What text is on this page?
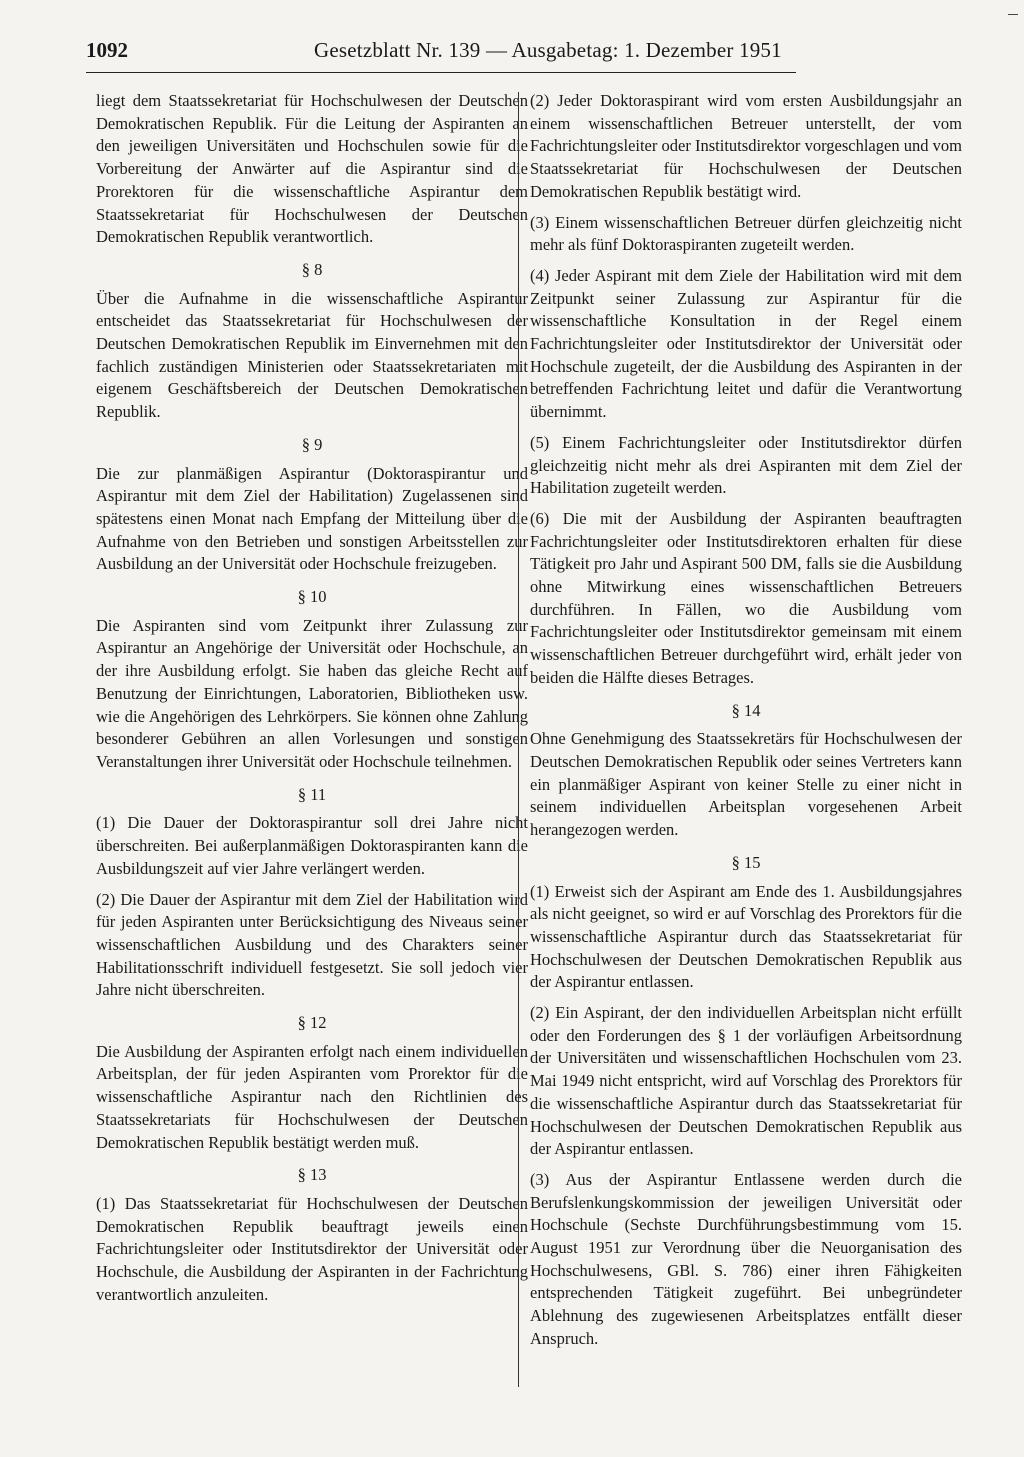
1092	Gesetzblatt Nr. 139 — Ausgabetag: 1. Dezember 1951

liegt dem Staatssekretariat für Hochschulwesen der Deutschen Demokratischen Republik. Für die Leitung der Aspiranten an den jeweiligen Universitäten und Hochschulen sowie für die Vorbereitung der Anwärter auf die Aspirantur sind die Prorektoren für die wissenschaftliche Aspirantur dem Staatssekretariat für Hochschulwesen der Deutschen Demokratischen Republik verantwortlich.

§ 8

Über die Aufnahme in die wissenschaftliche Aspirantur entscheidet das Staatssekretariat für Hochschulwesen der Deutschen Demokratischen Republik im Einvernehmen mit den fachlich zuständigen Ministerien oder Staatssekretariaten mit eigenem Geschäftsbereich der Deutschen Demokratischen Republik.

§ 9

Die zur planmäßigen Aspirantur (Doktoraspirantur und Aspirantur mit dem Ziel der Habilitation) Zugelassenen sind spätestens einen Monat nach Empfang der Mitteilung über die Aufnahme von den Betrieben und sonstigen Arbeitsstellen zur Ausbildung an der Universität oder Hochschule freizugeben.

§ 10

Die Aspiranten sind vom Zeitpunkt ihrer Zulassung zur Aspirantur an Angehörige der Universität oder Hochschule, an der ihre Ausbildung erfolgt. Sie haben das gleiche Recht auf Benutzung der Einrichtungen, Laboratorien, Bibliotheken usw. wie die Angehörigen des Lehrkörpers. Sie können ohne Zahlung besonderer Gebühren an allen Vorlesungen und sonstigen Veranstaltungen ihrer Universität oder Hochschule teilnehmen.

§ 11

(1) Die Dauer der Doktoraspirantur soll drei Jahre nicht überschreiten. Bei außerplanmäßigen Doktoraspiranten kann die Ausbildungszeit auf vier Jahre verlängert werden.

(2) Die Dauer der Aspirantur mit dem Ziel der Habilitation wird für jeden Aspiranten unter Berücksichtigung des Niveaus seiner wissenschaftlichen Ausbildung und des Charakters seiner Habilitationsschrift individuell festgesetzt. Sie soll jedoch vier Jahre nicht überschreiten.

§ 12

Die Ausbildung der Aspiranten erfolgt nach einem individuellen Arbeitsplan, der für jeden Aspiranten vom Prorektor für die wissenschaftliche Aspirantur nach den Richtlinien des Staatssekretariats für Hochschulwesen der Deutschen Demokratischen Republik bestätigt werden muß.

§ 13

(1) Das Staatssekretariat für Hochschulwesen der Deutschen Demokratischen Republik beauftragt jeweils einen Fachrichtungsleiter oder Institutsdirektor der Universität oder Hochschule, die Ausbildung der Aspiranten in der Fachrichtung verantwortlich anzuleiten.

(2) Jeder Doktoraspirant wird vom ersten Ausbildungsjahr an einem wissenschaftlichen Betreuer unterstellt, der vom Fachrichtungsleiter oder Institutsdirektor vorgeschlagen und vom Staatssekretariat für Hochschulwesen der Deutschen Demokratischen Republik bestätigt wird.

(3) Einem wissenschaftlichen Betreuer dürfen gleichzeitig nicht mehr als fünf Doktoraspiranten zugeteilt werden.

(4) Jeder Aspirant mit dem Ziele der Habilitation wird mit dem Zeitpunkt seiner Zulassung zur Aspirantur für die wissenschaftliche Konsultation in der Regel einem Fachrichtungsleiter oder Institutsdirektor der Universität oder Hochschule zugeteilt, der die Ausbildung des Aspiranten in der betreffenden Fachrichtung leitet und dafür die Verantwortung übernimmt.

(5) Einem Fachrichtungsleiter oder Institutsdirektor dürfen gleichzeitig nicht mehr als drei Aspiranten mit dem Ziel der Habilitation zugeteilt werden.

(6) Die mit der Ausbildung der Aspiranten beauftragten Fachrichtungsleiter oder Institutsdirektoren erhalten für diese Tätigkeit pro Jahr und Aspirant 500 DM, falls sie die Ausbildung ohne Mitwirkung eines wissenschaftlichen Betreuers durchführen. In Fällen, wo die Ausbildung vom Fachrichtungsleiter oder Institutsdirektor gemeinsam mit einem wissenschaftlichen Betreuer durchgeführt wird, erhält jeder von beiden die Hälfte dieses Betrages.

§ 14

Ohne Genehmigung des Staatssekretärs für Hochschulwesen der Deutschen Demokratischen Republik oder seines Vertreters kann ein planmäßiger Aspirant von keiner Stelle zu einer nicht in seinem individuellen Arbeitsplan vorgesehenen Arbeit herangezogen werden.

§ 15

(1) Erweist sich der Aspirant am Ende des 1. Ausbildungsjahres als nicht geeignet, so wird er auf Vorschlag des Prorektors für die wissenschaftliche Aspirantur durch das Staatssekretariat für Hochschulwesen der Deutschen Demokratischen Republik aus der Aspirantur entlassen.

(2) Ein Aspirant, der den individuellen Arbeitsplan nicht erfüllt oder den Forderungen des § 1 der vorläufigen Arbeitsordnung der Universitäten und wissenschaftlichen Hochschulen vom 23. Mai 1949 nicht entspricht, wird auf Vorschlag des Prorektors für die wissenschaftliche Aspirantur durch das Staatssekretariat für Hochschulwesen der Deutschen Demokratischen Republik aus der Aspirantur entlassen.

(3) Aus der Aspirantur Entlassene werden durch die Berufslenkungskommission der jeweiligen Universität oder Hochschule (Sechste Durchführungsbestimmung vom 15. August 1951 zur Verordnung über die Neuorganisation des Hochschulwesens, GBl. S. 786) einer ihren Fähigkeiten entsprechenden Tätigkeit zugeführt. Bei unbegründeter Ablehnung des zugewiesenen Arbeitsplatzes entfällt dieser Anspruch.
